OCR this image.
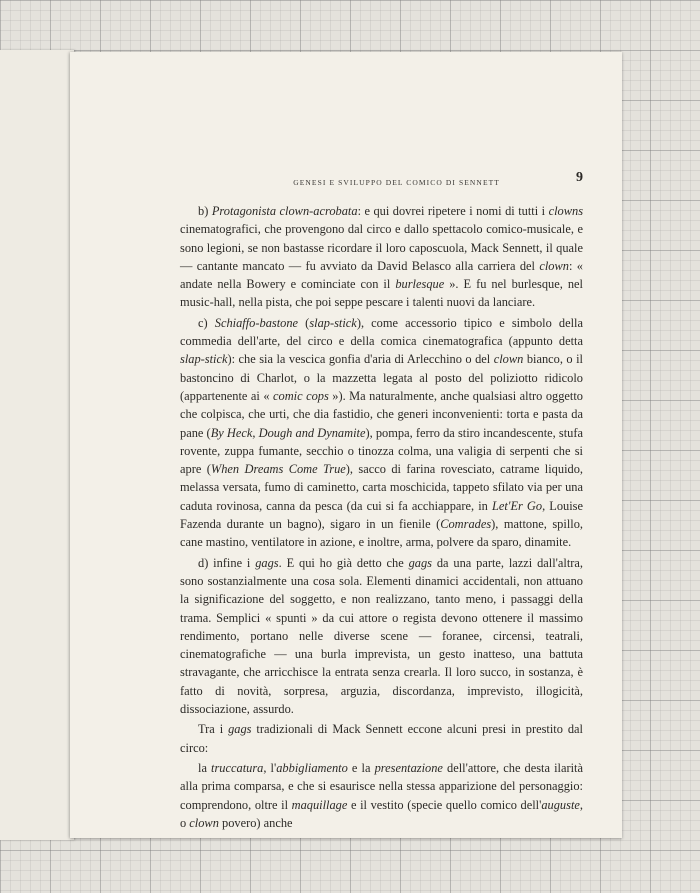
GENESI E SVILUPPO DEL COMICO DI SENNETT	9

b) Protagonista clown-acrobata: e qui dovrei ripetere i nomi di tutti i clowns cinematografici, che provengono dal circo e dallo spettacolo comico-musicale, e sono legioni, se non bastasse ricordare il loro caposcuola, Mack Sennett, il quale — cantante mancato — fu avviato da David Belasco alla carriera del clown: « andate nella Bowery e cominciate con il burlesque ». E fu nel burlesque, nel music-hall, nella pista, che poi seppe pescare i talenti nuovi da lanciare.

c) Schiaffo-bastone (slap-stick), come accessorio tipico e simbolo della commedia dell'arte, del circo e della comica cinematografica (appunto detta slap-stick): che sia la vescica gonfia d'aria di Arlecchino o del clown bianco, o il bastoncino di Charlot, o la mazzetta legata al posto del poliziotto ridicolo (appartenente ai « comic cops »). Ma naturalmente, anche qualsiasi altro oggetto che colpisca, che urti, che dia fastidio, che generi inconvenienti: torta e pasta da pane (By Heck, Dough and Dynamite), pompa, ferro da stiro incandescente, stufa rovente, zuppa fumante, secchio o tinozza colma, una valigia di serpenti che si apre (When Dreams Come True), sacco di farina rovesciato, catrame liquido, melassa versata, fumo di caminetto, carta moschicida, tappeto sfilato via per una caduta rovinosa, canna da pesca (da cui si fa acchiappare, in Let'Er Go, Louise Fazenda durante un bagno), sigaro in un fienile (Comrades), mattone, spillo, cane mastino, ventilatore in azione, e inoltre, arma, polvere da sparo, dinamite.

d) infine i gags. E qui ho già detto che gags da una parte, lazzi dall'altra, sono sostanzialmente una cosa sola. Elementi dinamici accidentali, non attuano la significazione del soggetto, e non realizzano, tanto meno, i passaggi della trama. Semplici « spunti » da cui attore o regista devono ottenere il massimo rendimento, portano nelle diverse scene — foranee, circensi, teatrali, cinematografiche — una burla imprevista, un gesto inatteso, una battuta stravagante, che arricchisce la entrata senza crearla. Il loro succo, in sostanza, è fatto di novità, sorpresa, arguzia, discordanza, imprevisto, illogicità, dissociazione, assurdo.

Tra i gags tradizionali di Mack Sennett eccone alcuni presi in prestito dal circo:

la truccatura, l'abbigliamento e la presentazione dell'attore, che desta ilarità alla prima comparsa, e che si esaurisce nella stessa apparizione del personaggio: comprendono, oltre il maquillage e il vestito (specie quello comico dell'auguste, o clown povero) anche
